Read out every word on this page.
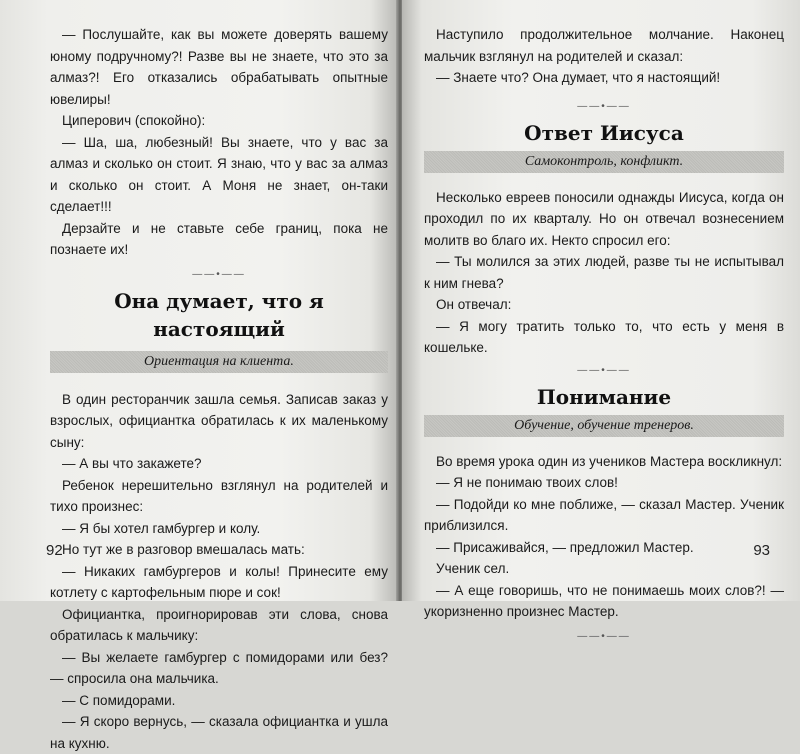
— Послушайте, как вы можете доверять вашему юному подручному?! Разве вы не знаете, что это за алмаз?! Его отказались обрабатывать опытные ювелиры!

Циперович (спокойно):

— Ша, ша, любезный! Вы знаете, что у вас за алмаз и сколько он стоит. Я знаю, что у вас за алмаз и сколько он стоит. А Моня не знает, он-таки сделает!!!

Дерзайте и не ставьте себе границ, пока не познаете их!

——•——
Она думает, что я настоящий
Ориентация на клиента.

В один ресторанчик зашла семья. Записав заказ у взрослых, официантка обратилась к их маленькому сыну:

— А вы что закажете?

Ребенок нерешительно взглянул на родителей и тихо произнес:

— Я бы хотел гамбургер и колу.

Но тут же в разговор вмешалась мать:

— Никаких гамбургеров и колы! Принесите ему котлету с картофельным пюре и сок!

Официантка, проигнорировав эти слова, снова обратилась к мальчику:

— Вы желаете гамбургер с помидорами или без? — спросила она мальчика.

— С помидорами.

— Я скоро вернусь, — сказала официантка и ушла на кухню.

92

Наступило продолжительное молчание. Наконец мальчик взглянул на родителей и сказал:

— Знаете что? Она думает, что я настоящий!

——•——
Ответ Иисуса
Самоконтроль, конфликт.

Несколько евреев поносили однажды Иисуса, когда он проходил по их кварталу. Но он отвечал вознесением молитв во благо их. Некто спросил его:

— Ты молился за этих людей, разве ты не испытывал к ним гнева?

Он отвечал:

— Я могу тратить только то, что есть у меня в кошельке.

——•——
Понимание
Обучение, обучение тренеров.

Во время урока один из учеников Мастера воскликнул:

— Я не понимаю твоих слов!

— Подойди ко мне поближе, — сказал Мастер. Ученик приблизился.

— Присаживайся, — предложил Мастер.

Ученик сел.

— А еще говоришь, что не понимаешь моих слов?! — укоризненно произнес Мастер.

——•——
93
